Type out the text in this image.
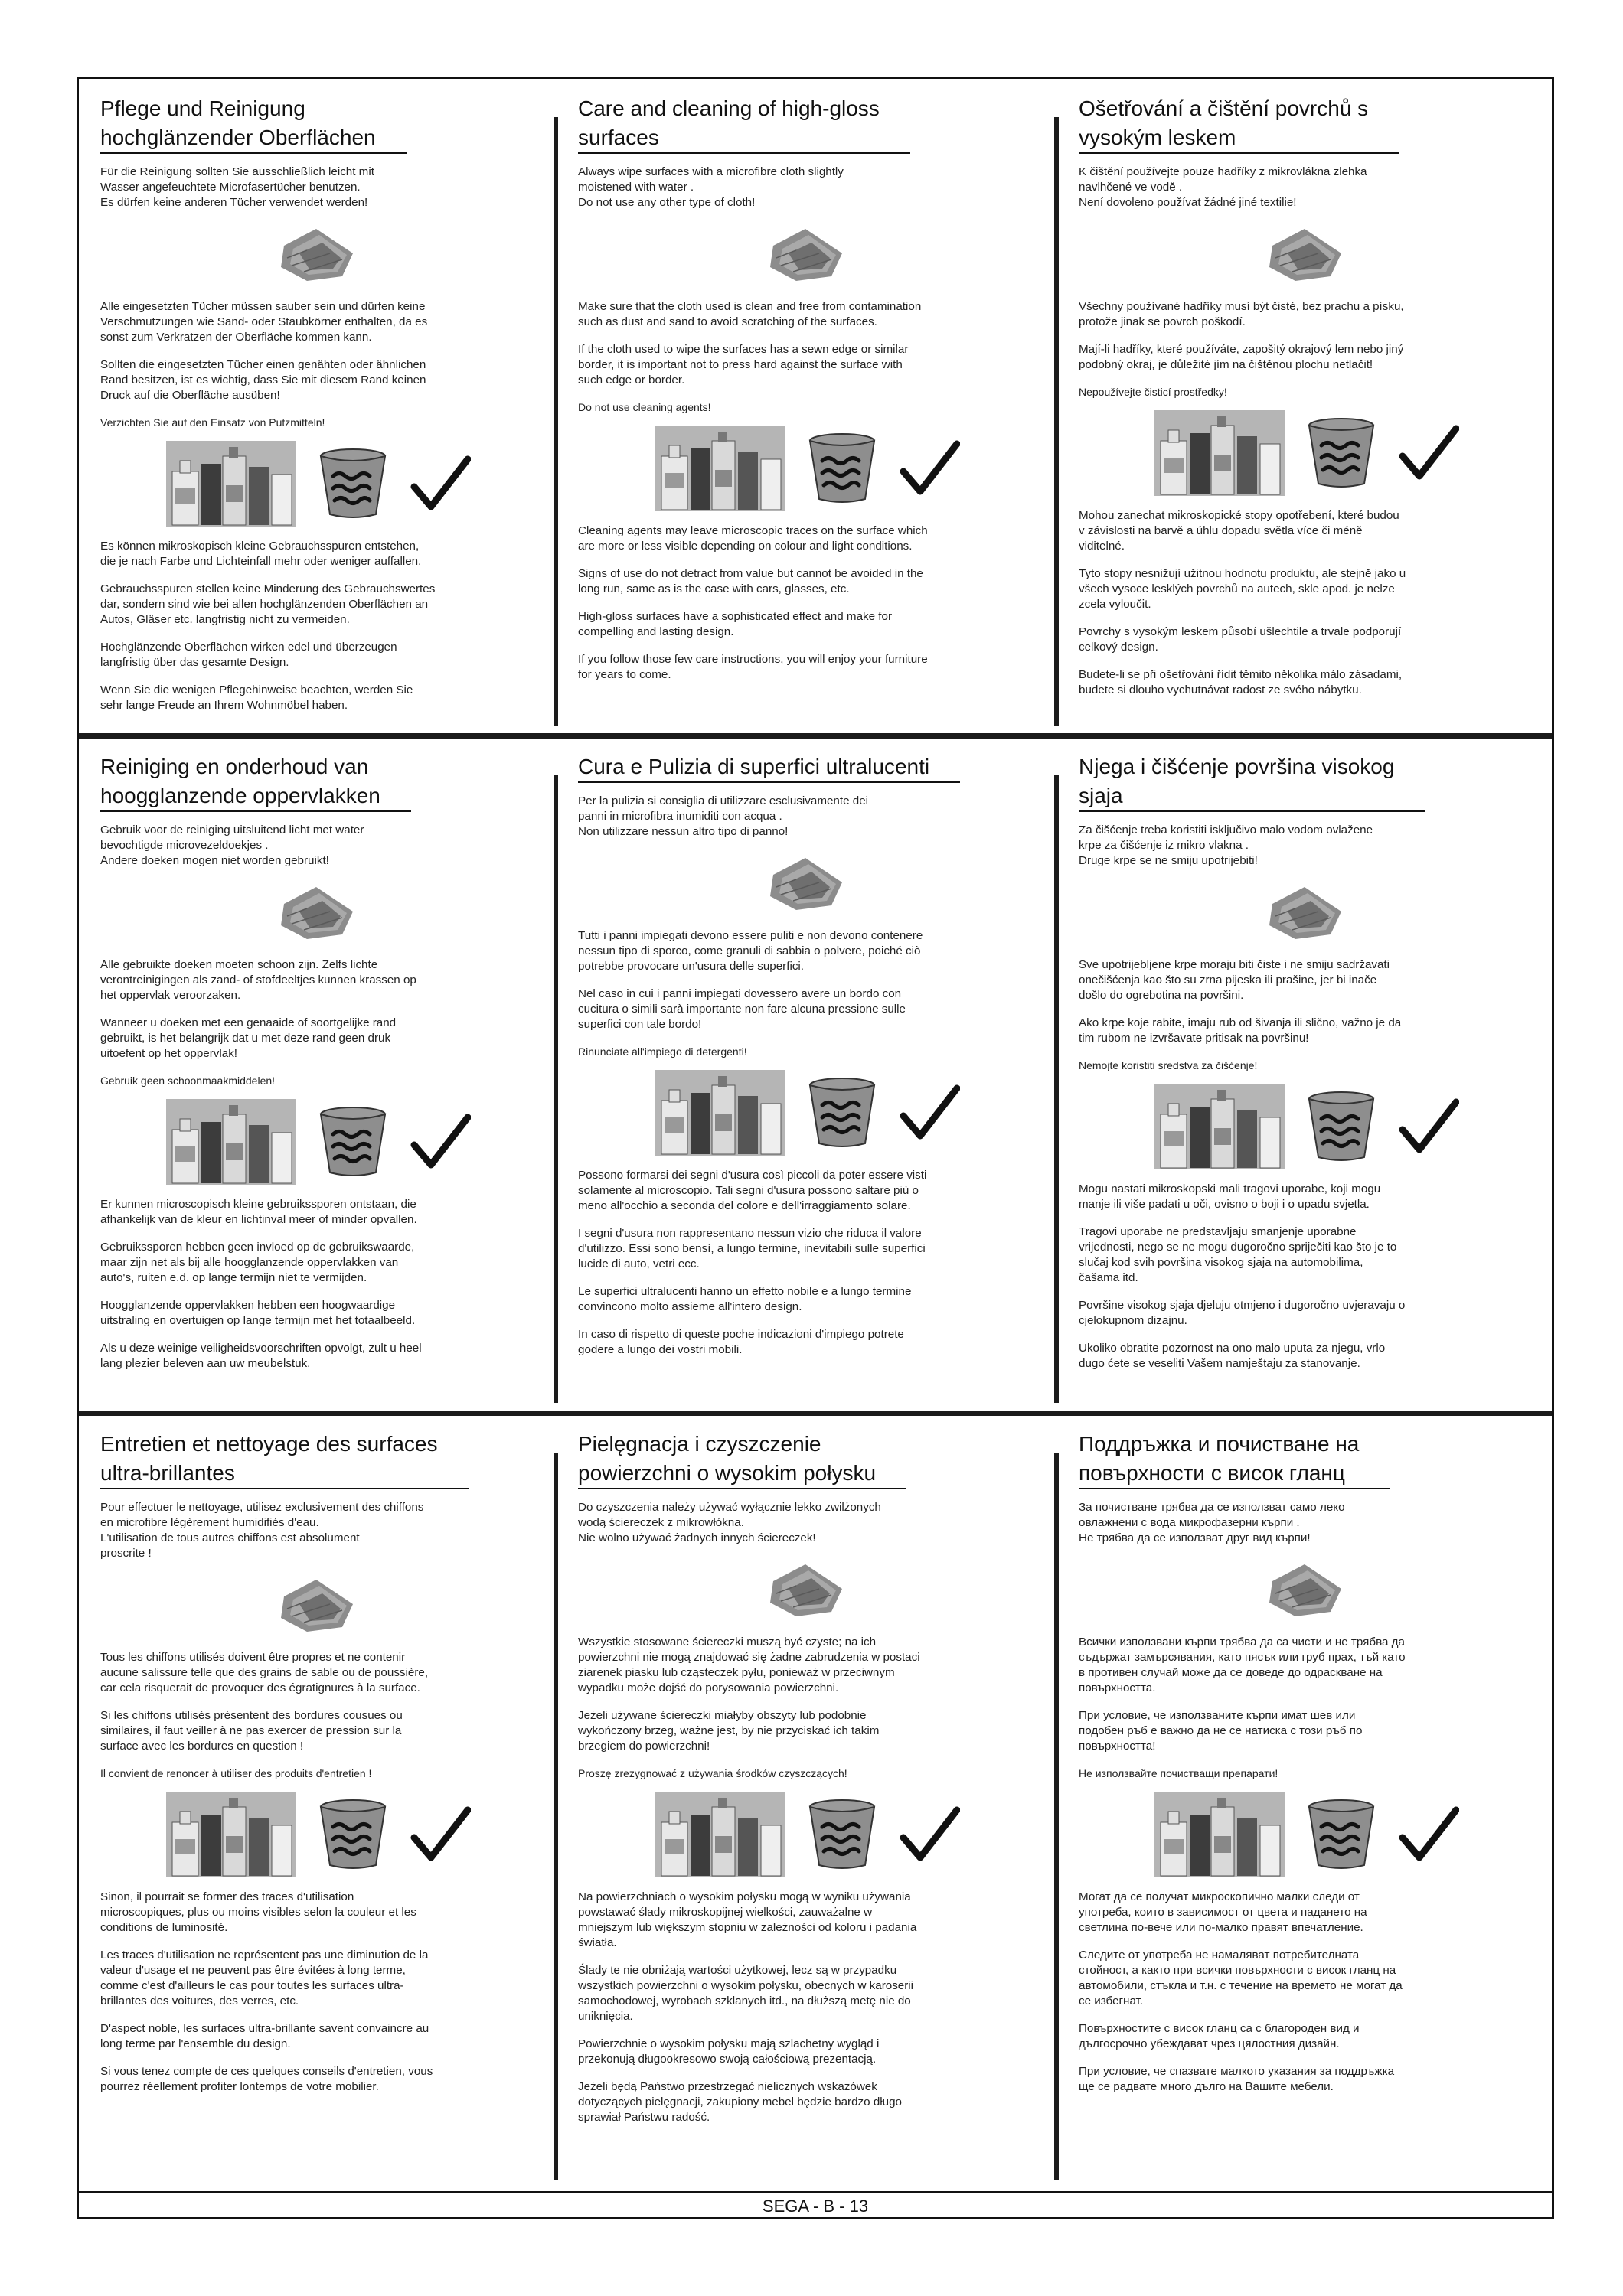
Pflege und Reinigung
hochglänzender Oberflächen
Für die Reinigung sollten Sie ausschließlich leicht mit
Wasser angefeuchtete Microfasertücher benutzen.
Es dürfen keine anderen Tücher verwendet werden!
Alle eingesetzten Tücher müssen sauber sein und dürfen keine
Verschmutzungen wie Sand- oder Staubkörner enthalten, da es
sonst zum Verkratzen der Oberfläche kommen kann.
Sollten die eingesetzten Tücher einen genähten oder ähnlichen
Rand besitzen, ist es wichtig, dass Sie mit diesem Rand keinen
Druck auf die Oberfläche ausüben!
Verzichten Sie auf den Einsatz von Putzmitteln!
Es können mikroskopisch kleine Gebrauchsspuren entstehen,
die je nach Farbe und Lichteinfall mehr oder weniger auffallen.
Gebrauchsspuren stellen keine Minderung des Gebrauchswertes
dar, sondern sind wie bei allen hochglänzenden Oberflächen an
Autos, Gläser etc. langfristig nicht zu vermeiden.
Hochglänzende Oberflächen wirken edel und überzeugen
langfristig über das gesamte Design.
Wenn Sie die wenigen Pflegehinweise beachten, werden Sie
sehr lange Freude an Ihrem Wohnmöbel haben.
Care and cleaning of high-gloss
surfaces
Always wipe surfaces with a microfibre cloth slightly
moistened with water .
Do not use any other type of cloth!
Make sure that the cloth used is clean and free from contamination
such as dust and sand to avoid scratching of the surfaces.
If the cloth used to wipe the surfaces has a sewn edge or similar
border, it is important not to press hard against the surface with
such edge or border.
Do not use cleaning agents!
Cleaning agents may leave microscopic traces on the surface which
are more or less visible depending on colour and light conditions.
Signs of use do not detract from value but cannot be avoided in the
long run, same as is the case with cars, glasses, etc.
High-gloss surfaces have a sophisticated effect and make for
compelling and lasting design.
If you follow those few care instructions, you will enjoy your furniture
for years to come.
Ošetřování a čištění povrchů s
vysokým leskem
K čištění používejte pouze hadříky z mikrovlákna zlehka
navlhčené ve vodě .
Není dovoleno používat žádné jiné textilie!
Všechny používané hadříky musí být čisté, bez prachu a písku,
protože jinak se povrch poškodí.
Mají-li hadříky, které používáte, zapošitý okrajový lem nebo jiný
podobný okraj, je důležité jím na čištěnou plochu netlačit!
Nepoužívejte čisticí prostředky!
Mohou zanechat mikroskopické stopy opotřebení, které budou
v závislosti na barvě a úhlu dopadu světla více či méně
viditelné.
Tyto stopy nesnižují užitnou hodnotu produktu, ale stejně jako u
všech vysoce lesklých povrchů na autech, skle apod. je nelze
zcela vyloučit.
Povrchy s vysokým leskem působí ušlechtile a trvale podporují
celkový design.
Budete-li se při ošetřování řídit těmito několika málo zásadami,
budete si dlouho vychutnávat radost ze svého nábytku.
Reiniging en onderhoud van
hoogglanzende oppervlakken
Gebruik voor de reiniging uitsluitend licht met water
bevochtigde microvezeldoekjes .
Andere doeken mogen niet worden gebruikt!
Alle gebruikte doeken moeten schoon zijn. Zelfs lichte
verontreinigingen als zand- of stofdeeltjes kunnen krassen op
het oppervlak veroorzaken.
Wanneer u doeken met een genaaide of soortgelijke rand
gebruikt, is het belangrijk dat u met deze rand geen druk
uitoefent op het oppervlak!
Gebruik geen schoonmaakmiddelen!
Er kunnen microscopisch kleine gebruikssporen ontstaan, die
afhankelijk van de kleur en lichtinval meer of minder opvallen.
Gebruikssporen hebben geen invloed op de gebruikswaarde,
maar zijn net als bij alle hoogglanzende oppervlakken van
auto's, ruiten e.d. op lange termijn niet te vermijden.
Hoogglanzende oppervlakken hebben een hoogwaardige
uitstraling en overtuigen op lange termijn met het totaalbeeld.
Als u deze weinige veiligheidsvoorschriften opvolgt, zult u heel
lang plezier beleven aan uw meubelstuk.
Cura e Pulizia di superfici ultralucenti
Per la pulizia si consiglia di utilizzare esclusivamente dei
panni in microfibra inumiditi con acqua .
Non utilizzare nessun altro tipo di panno!
Tutti i panni impiegati devono essere puliti e non devono contenere
nessun tipo di sporco, come granuli di sabbia o polvere, poiché ciò
potrebbe provocare un'usura delle superfici.
Nel caso in cui i panni impiegati dovessero avere un bordo con
cucitura o simili sarà importante non fare alcuna pressione sulle
superfici con tale bordo!
Rinunciate all'impiego di detergenti!
Possono formarsi dei segni d'usura così piccoli da poter essere visti
solamente al microscopio. Tali segni d'usura possono saltare più o
meno all'occhio a seconda del colore e dell'irraggiamento solare.
I segni d'usura non rappresentano nessun vizio che riduca il valore
d'utilizzo. Essi sono bensì, a lungo termine, inevitabili sulle superfici
lucide di auto, vetri ecc.
Le superfici ultralucenti hanno un effetto nobile e a lungo termine
convincono molto assieme all'intero design.
In caso di rispetto di queste poche indicazioni d'impiego potrete
godere a lungo dei vostri mobili.
Njega i čišćenje površina visokog
sjaja
Za čišćenje treba koristiti isključivo malo vodom ovlažene
krpe za čišćenje iz mikro vlakna .
Druge krpe se ne smiju upotrijebiti!
Sve upotrijebljene krpe moraju biti čiste i ne smiju sadržavati
onečišćenja kao što su zrna pijeska ili prašine, jer bi inače
došlo do ogrebotina na površini.
Ako krpe koje rabite, imaju rub od šivanja ili slično, važno je da
tim rubom ne izvršavate pritisak na površinu!
Nemojte koristiti sredstva za čišćenje!
Mogu nastati mikroskopski mali tragovi uporabe, koji mogu
manje ili više padati u oči, ovisno o boji i o upadu svjetla.
Tragovi uporabe ne predstavljaju smanjenje uporabne
vrijednosti, nego se ne mogu dugoročno spriječiti kao što je to
slučaj kod svih površina visokog sjaja na automobilima,
čašama itd.
Površine visokog sjaja djeluju otmjeno i dugoročno uvjeravaju o
cjelokupnom dizajnu.
Ukoliko obratite pozornost na ono malo uputa za njegu, vrlo
dugo ćete se veseliti Vašem namještaju za stanovanje.
Entretien et nettoyage des surfaces
ultra-brillantes
Pour effectuer le nettoyage, utilisez exclusivement des chiffons
en microfibre légèrement humidifiés d'eau.
L'utilisation de tous autres chiffons est absolument
proscrite !
Tous les chiffons utilisés doivent être propres et ne contenir
aucune salissure telle que des grains de sable ou de poussière,
car cela risquerait de provoquer des égratignures à la surface.
Si les chiffons utilisés présentent des bordures cousues ou
similaires, il faut veiller à ne pas exercer de pression sur la
surface avec les bordures en question !
Il convient de renoncer à utiliser des produits d'entretien !
Sinon, il pourrait se former des traces d'utilisation
microscopiques, plus ou moins visibles selon la couleur et les
conditions de luminosité.
Les traces d'utilisation ne représentent pas une diminution de la
valeur d'usage et ne peuvent pas être évitées à long terme,
comme c'est d'ailleurs le cas pour toutes les surfaces ultra-
brillantes des voitures, des verres, etc.
D'aspect noble, les surfaces ultra-brillante savent convaincre au
long terme par l'ensemble du design.
Si vous tenez compte de ces quelques conseils d'entretien, vous
pourrez réellement profiter lontemps de votre mobilier.
Pielęgnacja i czyszczenie
powierzchni o wysokim połysku
Do czyszczenia należy używać wyłącznie lekko zwilżonych
wodą ściereczek z mikrowłókna.
Nie wolno używać żadnych innych ściereczek!
Wszystkie stosowane ściereczki muszą być czyste; na ich
powierzchni nie mogą znajdować się żadne zabrudzenia w postaci
ziarenek piasku lub cząsteczek pyłu, ponieważ w przeciwnym
wypadku może dojść do porysowania powierzchni.
Jeżeli używane ściereczki miałyby obszyty lub podobnie
wykończony brzeg, ważne jest, by nie przyciskać ich takim
brzegiem do powierzchni!
Proszę zrezygnować z używania środków czyszczących!
Na powierzchniach o wysokim połysku mogą w wyniku używania
powstawać ślady mikroskopijnej wielkości, zauważalne w
mniejszym lub większym stopniu w zależności od koloru i padania
światła.
Ślady te nie obniżają wartości użytkowej, lecz są w przypadku
wszystkich powierzchni o wysokim połysku, obecnych w karoserii
samochodowej, wyrobach szklanych itd., na dłuższą metę nie do
uniknięcia.
Powierzchnie o wysokim połysku mają szlachetny wygląd i
przekonują długookresowo swoją całościową prezentacją.
Jeżeli będą Państwo przestrzegać nielicznych wskazówek
dotyczących pielęgnacji, zakupiony mebel będzie bardzo długo
sprawiał Państwu radość.
Поддръжка и почистване на
повърхности с висок гланц
За почистване трябва да се използват само леко
овлажнени с вода микрофазерни кърпи .
Не трябва да се използват друг вид кърпи!
Всички използвани кърпи трябва да са чисти и не трябва да
съдържат замърсявания, като пясък или груб прах, тъй като
в противен случай може да се доведе до одраскване на
повърхността.
При условие, че използваните кърпи имат шев или
подобен ръб е важно да не се натиска с този ръб по
повърхността!
Не използвайте почистващи препарати!
Могат да се получат микроскопично малки следи от
употреба, които в зависимост от цвета и падането на
светлина по-вече или по-малко правят впечатление.
Следите от употреба не намаляват потребителната
стойност, а както при всички повърхности с висок гланц на
автомобили, стъкла и т.н. с течение на времето не могат да
се избегнат.
Повърхностите с висок гланц са с благороден вид и
дългосрочно убеждават чрез цялостния дизайн.
При условие, че спазвате малкото указания за поддръжка
ще се радвате много дълго на Вашите мебели.
SEGA - B - 13
